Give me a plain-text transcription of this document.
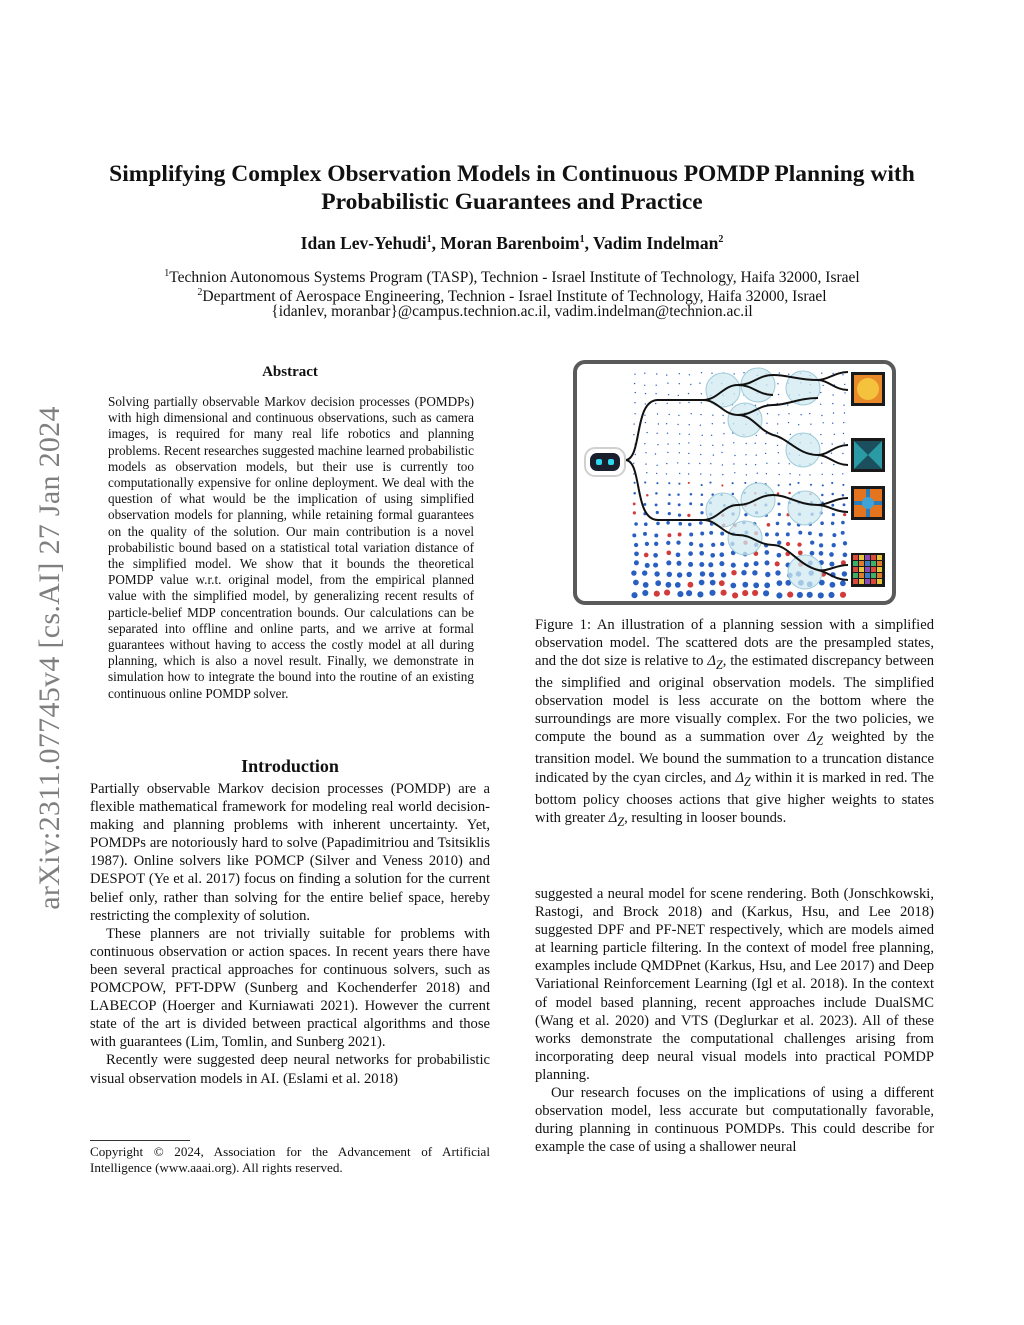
arXiv:2311.07745v4 [cs.AI] 27 Jan 2024
Simplifying Complex Observation Models in Continuous POMDP Planning with
Probabilistic Guarantees and Practice
Idan Lev-Yehudi$^1$, Moran Barenboim$^1$, Vadim Indelman$^2$
$^1$Technion Autonomous Systems Program (TASP), Technion - Israel Institute of Technology, Haifa 32000, Israel
$^2$Department of Aerospace Engineering, Technion - Israel Institute of Technology, Haifa 32000, Israel
{idanlev, moranbar}@campus.technion.ac.il, vadim.indelman@technion.ac.il
Abstract
Solving partially observable Markov decision processes (POMDPs) with high dimensional and continuous observations, such as camera images, is required for many real life robotics and planning problems. Recent researches suggested machine learned probabilistic models as observation models, but their use is currently too computationally expensive for online deployment. We deal with the question of what would be the implication of using simplified observation models for planning, while retaining formal guarantees on the quality of the solution. Our main contribution is a novel probabilistic bound based on a statistical total variation distance of the simplified model. We show that it bounds the theoretical POMDP value w.r.t. original model, from the empirical planned value with the simplified model, by generalizing recent results of particle-belief MDP concentration bounds. Our calculations can be separated into offline and online parts, and we arrive at formal guarantees without having to access the costly model at all during planning, which is also a novel result. Finally, we demonstrate in simulation how to integrate the bound into the routine of an existing continuous online POMDP solver.
Introduction

Partially observable Markov decision processes (POMDP) are a flexible mathematical framework for modeling real world decision-making and planning problems with inherent uncertainty. Yet, POMDPs are notoriously hard to solve (Papadimitriou and Tsitsiklis 1987). Online solvers like POMCP (Silver and Veness 2010) and DESPOT (Ye et al. 2017) focus on finding a solution for the current belief only, rather than solving for the entire belief space, hereby restricting the complexity of solution.

These planners are not trivially suitable for problems with continuous observation or action spaces. In recent years there have been several practical approaches for continuous solvers, such as POMCPOW, PFT-DPW (Sunberg and Kochenderfer 2018) and LABECOP (Hoerger and Kurniawati 2021). However the current state of the art is divided between practical algorithms and those with guarantees (Lim, Tomlin, and Sunberg 2021).

Recently were suggested deep neural networks for probabilistic visual observation models in AI. (Eslami et al. 2018)

Copyright © 2024, Association for the Advancement of Artificial Intelligence (www.aaai.org). All rights reserved.
Figure 1: An illustration of a planning session with a simplified observation model. The scattered dots are the presampled states, and the dot size is relative to $\Delta_Z$, the estimated discrepancy between the simplified and original observation models. The simplified observation model is less accurate on the bottom where the surroundings are more visually complex. For the two policies, we compute the bound as a summation over $\Delta_Z$ weighted by the transition model. We bound the summation to a truncation distance indicated by the cyan circles, and $\Delta_Z$ within it is marked in red. The bottom policy chooses actions that give higher weights to states with greater $\Delta_Z$, resulting in looser bounds.

suggested a neural model for scene rendering. Both (Jonschkowski, Rastogi, and Brock 2018) and (Karkus, Hsu, and Lee 2018) suggested DPF and PF-NET respectively, which are models aimed at learning particle filtering. In the context of model free planning, examples include QMDPnet (Karkus, Hsu, and Lee 2017) and Deep Variational Reinforcement Learning (Igl et al. 2018). In the context of model based planning, recent approaches include DualSMC (Wang et al. 2020) and VTS (Deglurkar et al. 2023). All of these works demonstrate the computational challenges arising from incorporating deep neural visual models into practical POMDP planning.

Our research focuses on the implications of using a different observation model, less accurate but computationally favorable, during planning in continuous POMDPs. This could describe for example the case of using a shallower neural
